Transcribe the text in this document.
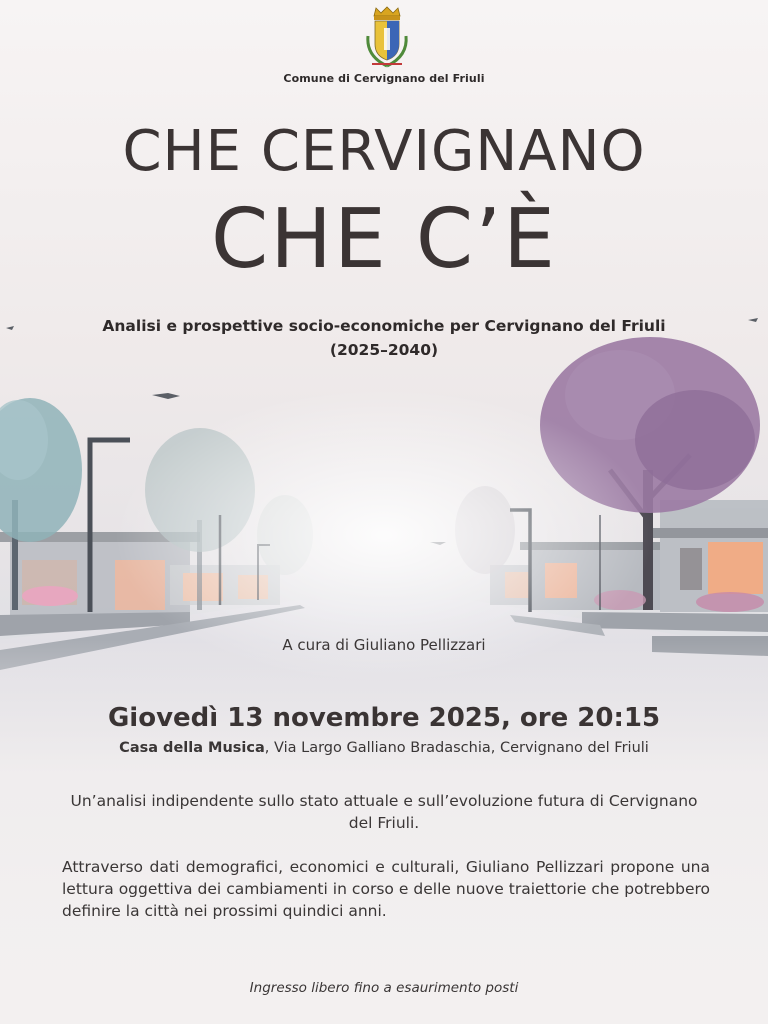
Comune di Cervignano del Friuli
CHE CERVIGNANO
CHE C’È
Analisi e prospettive socio-economiche per Cervignano del Friuli
(2025–2040)
A cura di Giuliano Pellizzari
Giovedì 13 novembre 2025, ore 20:15
Casa della Musica, Via Largo Galliano Bradaschia, Cervignano del Friuli
Un’analisi indipendente sullo stato attuale e sull’evoluzione futura di Cervignano del Friuli.
Attraverso dati demografici, economici e culturali, Giuliano Pellizzari propone una lettura oggettiva dei cambiamenti in corso e delle nuove traiettorie che potrebbero definire la città nei prossimi quindici anni.
Ingresso libero fino a esaurimento posti
